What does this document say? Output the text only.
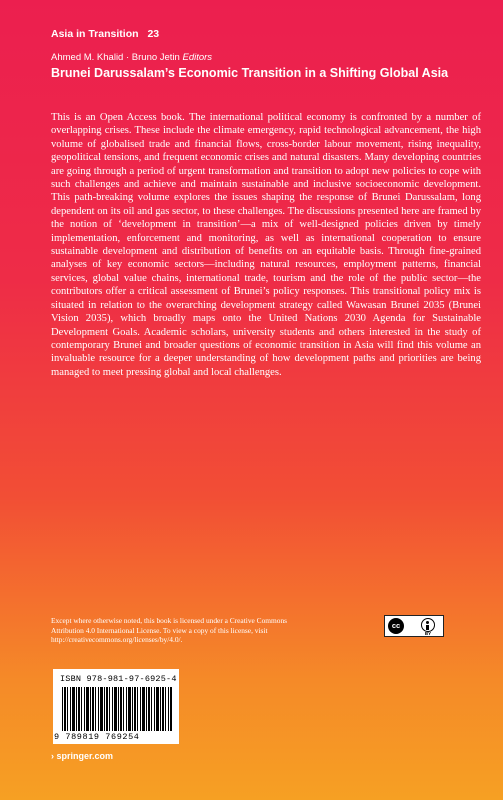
Asia in Transition 23
Ahmed M. Khalid · Bruno Jetin Editors
Brunei Darussalam’s Economic Transition in a Shifting Global Asia
This is an Open Access book. The international political economy is confronted by a number of overlapping crises. These include the climate emergency, rapid technological advancement, the high volume of globalised trade and financial flows, cross-border labour movement, rising inequality, geopolitical tensions, and frequent economic crises and natural disasters. Many developing countries are going through a period of urgent transformation and transition to adopt new policies to cope with such challenges and achieve and maintain sustainable and inclusive socioeconomic development. This path-breaking volume explores the issues shaping the response of Brunei Darussalam, long dependent on its oil and gas sector, to these challenges. The discussions presented here are framed by the notion of ‘development in transition’—a mix of well-designed policies driven by timely implementation, enforcement and monitoring, as well as international cooperation to ensure sustainable development and distribution of benefits on an equitable basis. Through fine-grained analyses of key economic sectors—including natural resources, employment patterns, financial services, global value chains, international trade, tourism and the role of the public sector—the contributors offer a critical assessment of Brunei’s policy responses. This transitional policy mix is situated in relation to the overarching development strategy called Wawasan Brunei 2035 (Brunei Vision 2035), which broadly maps onto the United Nations 2030 Agenda for Sustainable Development Goals. Academic scholars, university students and others interested in the study of contemporary Brunei and broader questions of economic transition in Asia will find this volume an invaluable resource for a deeper understanding of how development paths and priorities are being managed to meet pressing global and local challenges.
Except where otherwise noted, this book is licensed under a Creative Commons Attribution 4.0 International License. To view a copy of this license, visit http://creativecommons.org/licenses/by/4.0/.
cc
BY
ISBN 978-981-97-6925-4
9 789819 769254
› springer.com
